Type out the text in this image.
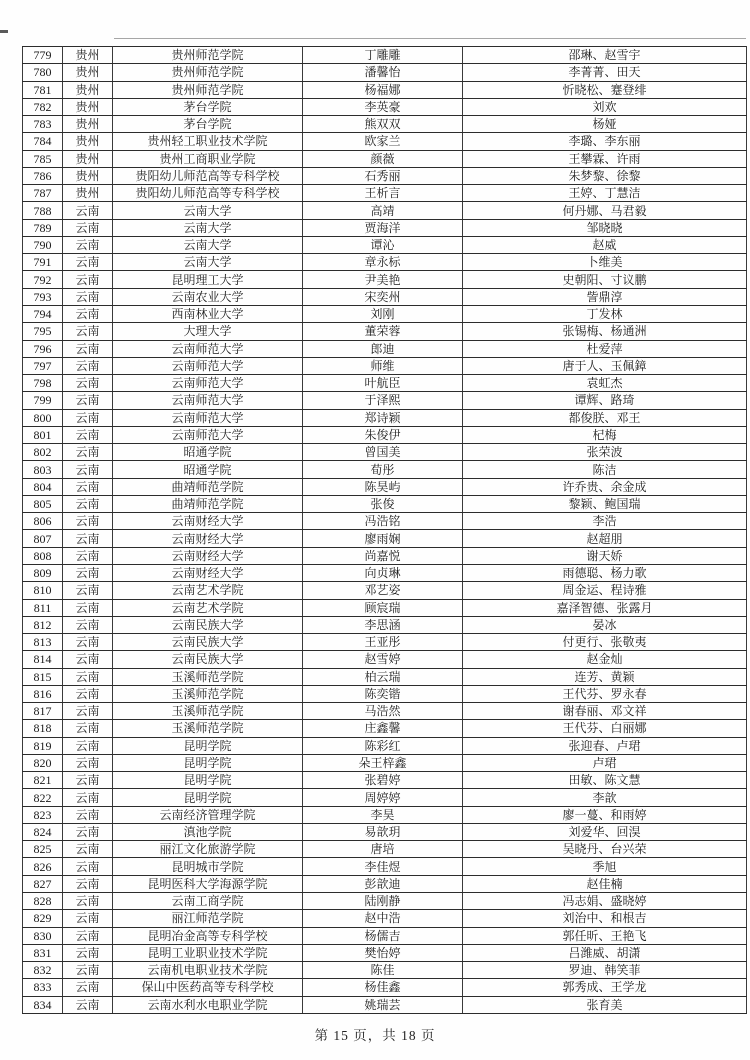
779	贵州	贵州师范学院	丁雕雕	邵琳、赵雪宇
780	贵州	贵州师范学院	潘馨怡	李菁菁、田天
781	贵州	贵州师范学院	杨福娜	忻晓松、蹇登绯
782	贵州	茅台学院	李英豪	刘欢
783	贵州	茅台学院	熊双双	杨娅
784	贵州	贵州轻工职业技术学院	欧家兰	李璐、李东丽
785	贵州	贵州工商职业学院	颜薇	王攀霖、许雨
786	贵州	贵阳幼儿师范高等专科学校	石秀丽	朱梦黎、徐黎
787	贵州	贵阳幼儿师范高等专科学校	王析言	王婷、丁慧洁
788	云南	云南大学	高靖	何丹娜、马君毅
789	云南	云南大学	贾海洋	邹晓晓
790	云南	云南大学	谭沁	赵威
791	云南	云南大学	章永标	卜维美
792	云南	昆明理工大学	尹美艳	史朝阳、寸议鹏
793	云南	云南农业大学	宋奕州	訾鼎淳
794	云南	西南林业大学	刘刚	丁发林
795	云南	大理大学	董荣蓉	张锡梅、杨通洲
796	云南	云南师范大学	郎迪	杜爱萍
797	云南	云南师范大学	师维	唐于人、玉佩鏱
798	云南	云南师范大学	叶航臣	袁虹杰
799	云南	云南师范大学	于泽熙	谭辉、路琦
800	云南	云南师范大学	郑诗颖	都俊朕、邓王
801	云南	云南师范大学	朱俊伊	杞梅
802	云南	昭通学院	曾国美	张荣波
803	云南	昭通学院	荀彤	陈洁
804	云南	曲靖师范学院	陈昊屿	许乔贵、余金成
805	云南	曲靖师范学院	张俊	黎颖、鲍国瑞
806	云南	云南财经大学	冯浩铭	李浩
807	云南	云南财经大学	廖雨娴	赵超朋
808	云南	云南财经大学	尚嘉悦	谢天娇
809	云南	云南财经大学	向贞琳	雨德聪、杨力歌
810	云南	云南艺术学院	邓艺姿	周金运、程诗雅
811	云南	云南艺术学院	顾宸瑞	嘉泽智德、张露月
812	云南	云南民族大学	李思涵	晏冰
813	云南	云南民族大学	王亚彤	付更行、张敬夷
814	云南	云南民族大学	赵雪婷	赵金灿
815	云南	玉溪师范学院	柏云瑞	连芳、黄颖
816	云南	玉溪师范学院	陈奕锴	王代芬、罗永春
817	云南	玉溪师范学院	马浩然	谢春丽、邓文祥
818	云南	玉溪师范学院	庄鑫馨	王代芬、白丽娜
819	云南	昆明学院	陈彩红	张迎春、卢珺
820	云南	昆明学院	朵王梓鑫	卢珺
821	云南	昆明学院	张碧婷	田敏、陈文慧
822	云南	昆明学院	周婷婷	李歆
823	云南	云南经济管理学院	李昊	廖一蔓、和雨婷
824	云南	滇池学院	易歆玥	刘爱华、回淏
825	云南	丽江文化旅游学院	唐培	吴晓丹、台兴荣
826	云南	昆明城市学院	李佳煜	季旭
827	云南	昆明医科大学海源学院	彭歆迪	赵佳楠
828	云南	云南工商学院	陆刚静	冯志娟、盛晓婷
829	云南	丽江师范学院	赵中浩	刘治中、和根吉
830	云南	昆明冶金高等专科学校	杨儒吉	郭任昕、王艳飞
831	云南	昆明工业职业技术学院	樊怡婷	吕潍威、胡潇
832	云南	云南机电职业技术学院	陈佳	罗迪、韩笑菲
833	云南	保山中医药高等专科学校	杨佳鑫	郭秀成、王学龙
834	云南	云南水利水电职业学院	姚瑞芸	张育美
第 15 页，共 18 页
